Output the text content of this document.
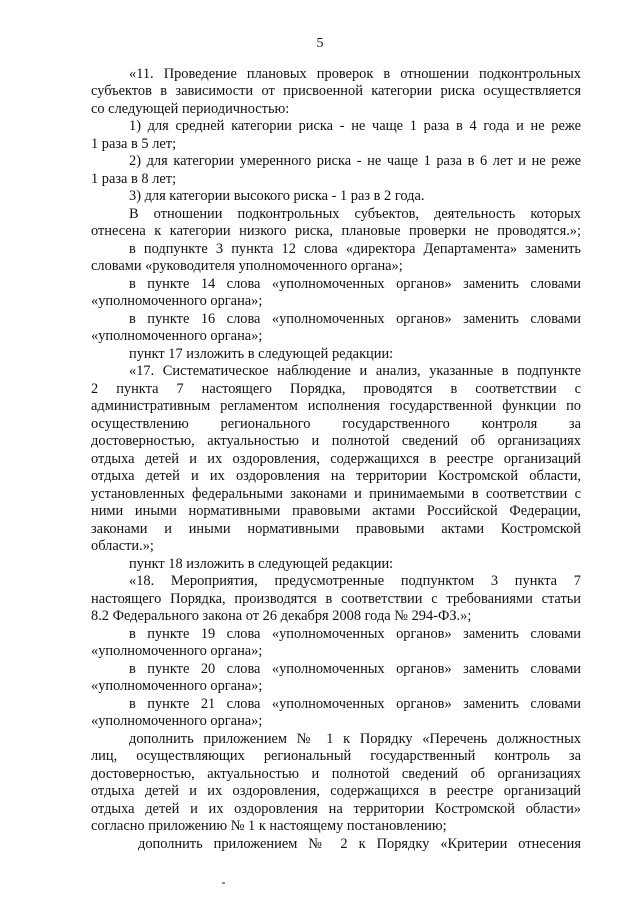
5
«11. Проведение плановых проверок в отношении подконтрольных
субъектов в зависимости от присвоенной категории риска осуществляется
со следующей периодичностью:
1) для средней категории риска - не чаще 1 раза в 4 года и не реже
1 раза в 5 лет;
2) для категории умеренного риска - не чаще 1 раза в 6 лет и не реже
1 раза в 8 лет;
3) для категории высокого риска - 1 раз в 2 года.
В отношении подконтрольных субъектов, деятельность которых
отнесена к категории низкого риска, плановые проверки не проводятся.»;
в подпункте 3 пункта 12 слова «директора Департамента» заменить
словами «руководителя уполномоченного органа»;
в пункте 14 слова «уполномоченных органов» заменить словами
«уполномоченного органа»;
в пункте 16 слова «уполномоченных органов» заменить словами
«уполномоченного органа»;
пункт 17 изложить в следующей редакции:
«17. Систематическое наблюдение и анализ, указанные в подпункте
2 пункта 7 настоящего Порядка, проводятся в соответствии с
административным регламентом исполнения государственной функции по
осуществлению регионального государственного контроля за
достоверностью, актуальностью и полнотой сведений об организациях
отдыха детей и их оздоровления, содержащихся в реестре организаций
отдыха детей и их оздоровления на территории Костромской области,
установленных федеральными законами и принимаемыми в соответствии с
ними иными нормативными правовыми актами Российской Федерации,
законами и иными нормативными правовыми актами Костромской
области.»;
пункт 18 изложить в следующей редакции:
«18. Мероприятия, предусмотренные подпунктом 3 пункта 7
настоящего Порядка, производятся в соответствии с требованиями статьи
8.2 Федерального закона от 26 декабря 2008 года № 294-ФЗ.»;
в пункте 19 слова «уполномоченных органов» заменить словами
«уполномоченного органа»;
в пункте 20 слова «уполномоченных органов» заменить словами
«уполномоченного органа»;
в пункте 21 слова «уполномоченных органов» заменить словами
«уполномоченного органа»;
дополнить приложением № 1 к Порядку «Перечень должностных
лиц, осуществляющих региональный государственный контроль за
достоверностью, актуальностью и полнотой сведений об организациях
отдыха детей и их оздоровления, содержащихся в реестре организаций
отдыха детей и их оздоровления на территории Костромской области»
согласно приложению № 1 к настоящему постановлению;
дополнить приложением № 2 к Порядку «Критерии отнесения
